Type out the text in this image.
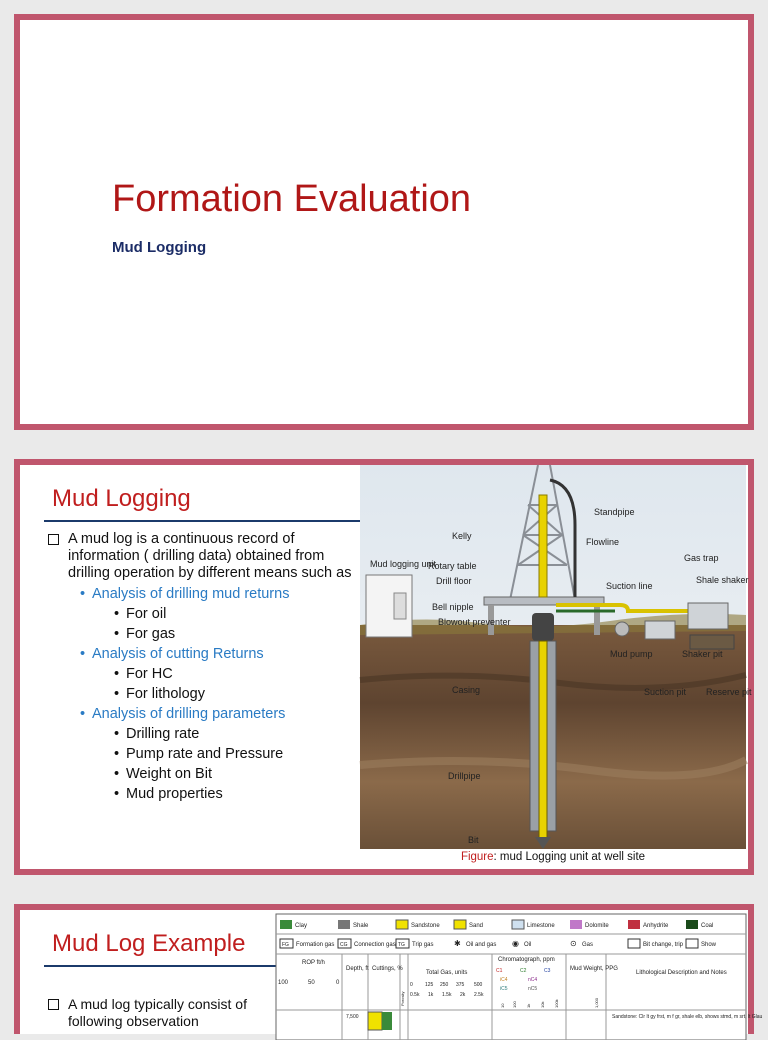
Formation Evaluation
Mud Logging
Mud Logging
A mud log is a continuous record of information ( drilling data) obtained from drilling operation by different means such as
• Analysis of drilling mud returns
• For oil
• For gas
• Analysis of cutting Returns
• For HC
• For lithology
• Analysis of drilling parameters
• Drilling rate
• Pump rate and Pressure
• Weight on Bit
• Mud properties
Mud logging unit
Kelly
Rotary table
Drill floor
Bell nipple
Blowout preventer
Casing
Drillpipe
Bit
Standpipe
Flowline
Suction line
Gas trap
Shale shaker
Mud pump	Shaker pit
Suction pit Reserve pit
Figure: mud Logging unit at well site
Mud Log Example
A mud log typically consist of following observation
Clay	Shale	Sandstone	Sand	Limestone	Dolomite	Anhydrite	Coal
FG Formation gas CG Connection gas TG Trip gas	✱ Oil and gas ◉ Oil	⊙ Gas	Bit change, trip	Show
ROP ft/h
100	50	0
Depth, ft Cuttings, %
Porosity
Total Gas, units
0 125 250 375 500
0.5k 1k 1.5k 2k 2.5k
Chromatograph, ppm
C1	C2	C3
iC4	nC4
iC5	nC5
10 100 1k 10k 100k
Mud Weight, PPG
1,000
Lithological Description and Notes
7,500	Sandstone: Clr lt gy frst, m f gr, shale elb, shows stmd, m srt, lt Glau
